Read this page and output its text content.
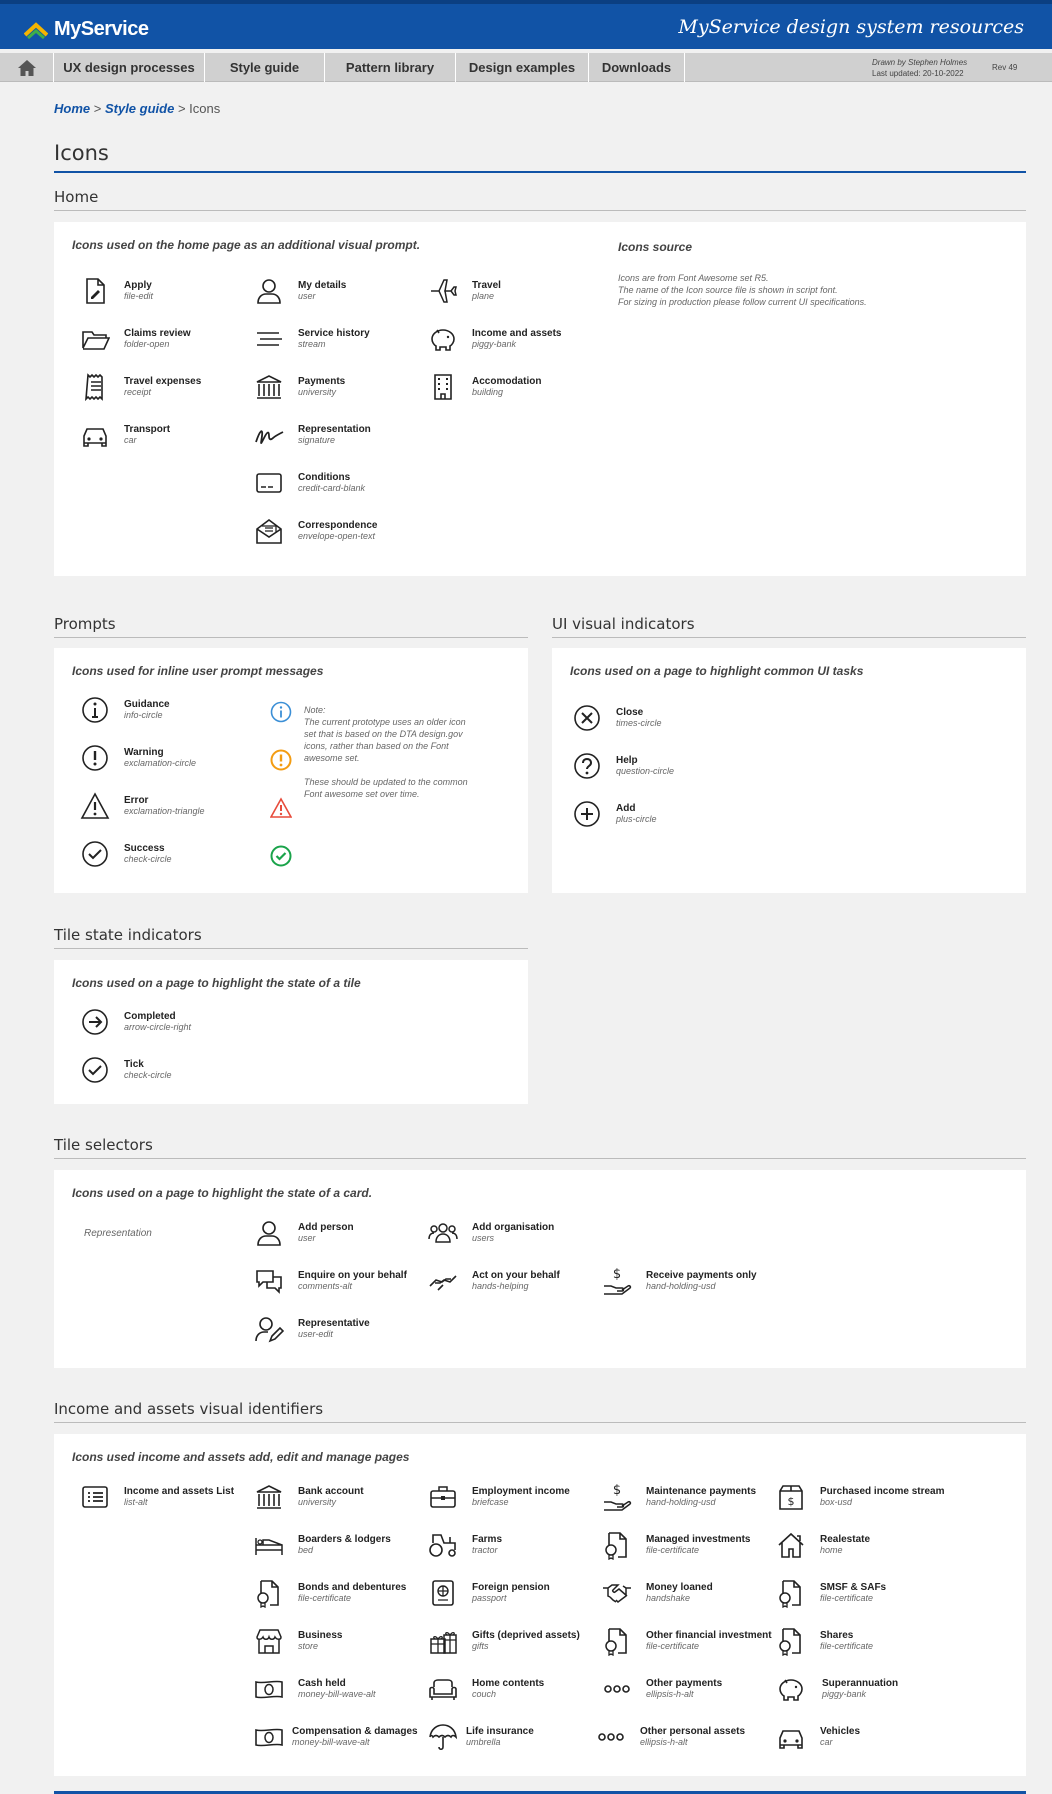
MyService	MyService design system resources
UX design processes	Style guide	Pattern library	Design examples	Downloads	Drawn by Stephen Holmes
Last updated: 20-10-2022
Rev 49
Home > Style guide > Icons
Icons
Home
Icons used on the home page as an additional visual prompt.	Icons source
Icons are from Font Awesome set R5.
The name of the Icon source file is shown in script font.
For sizing in production please follow current UI specifications.
Apply
file-edit
Claims review
folder-open
Travel expenses
receipt
Transport
car
My details
user
Service history
stream
Payments
university
Representation
signature
Conditions
credit-card-blank
Correspondence
envelope-open-text
Travel
plane
Income and assets
piggy-bank
Accomodation
building
Prompts
Icons used for inline user prompt messages
Guidance
info-circle
Warning
exclamation-circle
Error
exclamation-triangle
Success
check-circle
Note:
The current prototype uses an older icon set that is based on the DTA design.gov icons, rather than based on the Font awesome set.
These should be updated to the common Font awesome set over time.
UI visual indicators
Icons used on a page to highlight common UI tasks
Close
times-circle
Help
question-circle
Add
plus-circle
Tile state indicators
Icons used on a page to highlight the state of a tile
Completed
arrow-circle-right
Tick
check-circle
Tile selectors
Icons used on a page to highlight the state of a card.
Representation
Add person
user
Enquire on your behalf
comments-alt
Representative
user-edit
Add organisation
users
Act on your behalf
hands-helping
Receive payments only
hand-holding-usd
Income and assets visual identifiers
Icons used income and assets add, edit and manage pages
Income and assets List
list-alt
Bank account
university
Boarders & lodgers
bed
Bonds and debentures
file-certificate
Business
store
Cash held
money-bill-wave-alt
Compensation & damages
money-bill-wave-alt
Employment income
briefcase
Farms
tractor
Foreign pension
passport
Gifts (deprived assets)
gifts
Home contents
couch
Life insurance
umbrella
Maintenance payments
hand-holding-usd
Managed investments
file-certificate
Money loaned
handshake
Other financial investment
file-certificate
Other payments
ellipsis-h-alt
Other personal assets
ellipsis-h-alt
Purchased income stream
box-usd
Realestate
home
SMSF & SAFs
file-certificate
Shares
file-certificate
Superannuation
piggy-bank
Vehicles
car
